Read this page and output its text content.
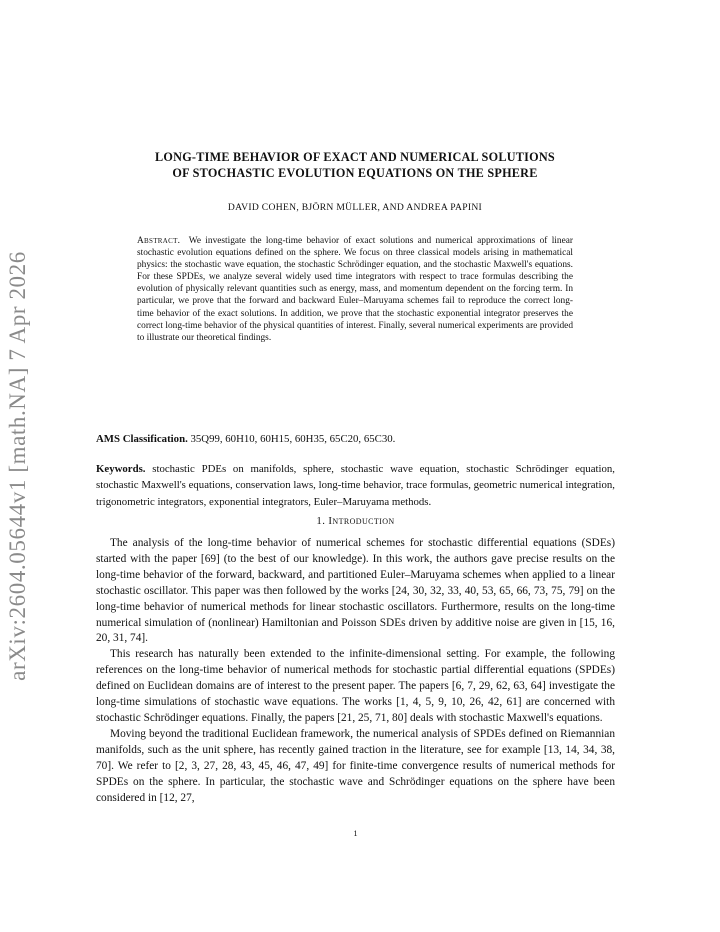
arXiv:2604.05644v1 [math.NA] 7 Apr 2026
LONG-TIME BEHAVIOR OF EXACT AND NUMERICAL SOLUTIONS
OF STOCHASTIC EVOLUTION EQUATIONS ON THE SPHERE
DAVID COHEN, BJÖRN MÜLLER, AND ANDREA PAPINI
Abstract. We investigate the long-time behavior of exact solutions and numerical approximations of linear stochastic evolution equations defined on the sphere. We focus on three classical models arising in mathematical physics: the stochastic wave equation, the stochastic Schrödinger equation, and the stochastic Maxwell's equations. For these SPDEs, we analyze several widely used time integrators with respect to trace formulas describing the evolution of physically relevant quantities such as energy, mass, and momentum dependent on the forcing term. In particular, we prove that the forward and backward Euler–Maruyama schemes fail to reproduce the correct long-time behavior of the exact solutions. In addition, we prove that the stochastic exponential integrator preserves the correct long-time behavior of the physical quantities of interest. Finally, several numerical experiments are provided to illustrate our theoretical findings.
AMS Classification. 35Q99, 60H10, 60H15, 60H35, 65C20, 65C30.
Keywords. stochastic PDEs on manifolds, sphere, stochastic wave equation, stochastic Schrödinger equation, stochastic Maxwell's equations, conservation laws, long-time behavior, trace formulas, geometric numerical integration, trigonometric integrators, exponential integrators, Euler–Maruyama methods.
1. Introduction

The analysis of the long-time behavior of numerical schemes for stochastic differential equations (SDEs) started with the paper [69] (to the best of our knowledge). In this work, the authors gave precise results on the long-time behavior of the forward, backward, and partitioned Euler–Maruyama schemes when applied to a linear stochastic oscillator. This paper was then followed by the works [24, 30, 32, 33, 40, 53, 65, 66, 73, 75, 79] on the long-time behavior of numerical methods for linear stochastic oscillators. Furthermore, results on the long-time numerical simulation of (nonlinear) Hamiltonian and Poisson SDEs driven by additive noise are given in [15, 16, 20, 31, 74].

This research has naturally been extended to the infinite-dimensional setting. For example, the following references on the long-time behavior of numerical methods for stochastic partial differential equations (SPDEs) defined on Euclidean domains are of interest to the present paper. The papers [6, 7, 29, 62, 63, 64] investigate the long-time simulations of stochastic wave equations. The works [1, 4, 5, 9, 10, 26, 42, 61] are concerned with stochastic Schrödinger equations. Finally, the papers [21, 25, 71, 80] deals with stochastic Maxwell's equations.

Moving beyond the traditional Euclidean framework, the numerical analysis of SPDEs defined on Riemannian manifolds, such as the unit sphere, has recently gained traction in the literature, see for example [13, 14, 34, 38, 70]. We refer to [2, 3, 27, 28, 43, 45, 46, 47, 49] for finite-time convergence results of numerical methods for SPDEs on the sphere. In particular, the stochastic wave and Schrödinger equations on the sphere have been considered in [12, 27,

1
